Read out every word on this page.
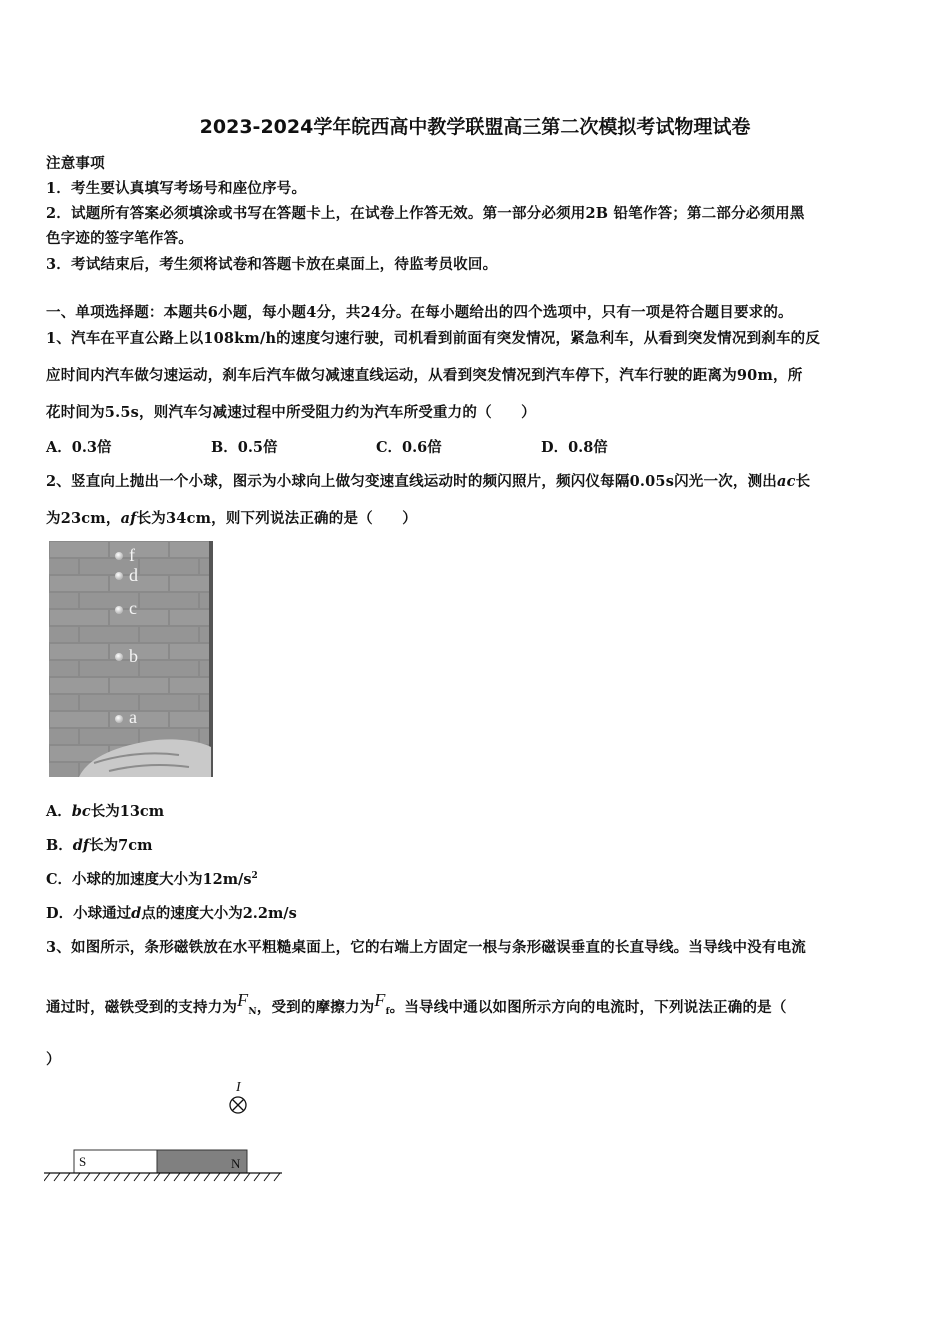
2023-2024学年皖西高中教学联盟高三第二次模拟考试物理试卷
注意事项
1．考生要认真填写考场号和座位序号。
2．试题所有答案必须填涂或书写在答题卡上，在试卷上作答无效。第一部分必须用2B 铅笔作答；第二部分必须用黑
色字迹的签字笔作答。
3．考试结束后，考生须将试卷和答题卡放在桌面上，待监考员收回。
一、单项选择题：本题共6小题，每小题4分，共24分。在每小题给出的四个选项中，只有一项是符合题目要求的。
1、汽车在平直公路上以108km/h的速度匀速行驶，司机看到前面有突发情况，紧急利车，从看到突发情况到刹车的反
应时间内汽车做匀速运动，刹车后汽车做匀减速直线运动，从看到突发情况到汽车停下，汽车行驶的距离为90m，所
花时间为5.5s，则汽车匀减速过程中所受阻力约为汽车所受重力的（　　）
A．0.3倍	B．0.5倍	C．0.6倍	D．0.8倍
2、竖直向上抛出一个小球，图示为小球向上做匀变速直线运动时的频闪照片，频闪仪每隔0.05s闪光一次，测出ac长
为23cm，af长为34cm，则下列说法正确的是（　　）
f
d
c
b
a
A．bc长为13cm
B．df长为7cm
C．小球的加速度大小为$12m/s^2$
D．小球通过d点的速度大小为2.2m/s
3、如图所示，条形磁铁放在水平粗糙桌面上，它的右端上方固定一根与条形磁误垂直的长直导线。当导线中没有电流
通过时，磁铁受到的支持力为$F_N$，受到的摩擦力为$F_f$。当导线中通以如图所示方向的电流时，下列说法正确的是（
）
I
S	N
